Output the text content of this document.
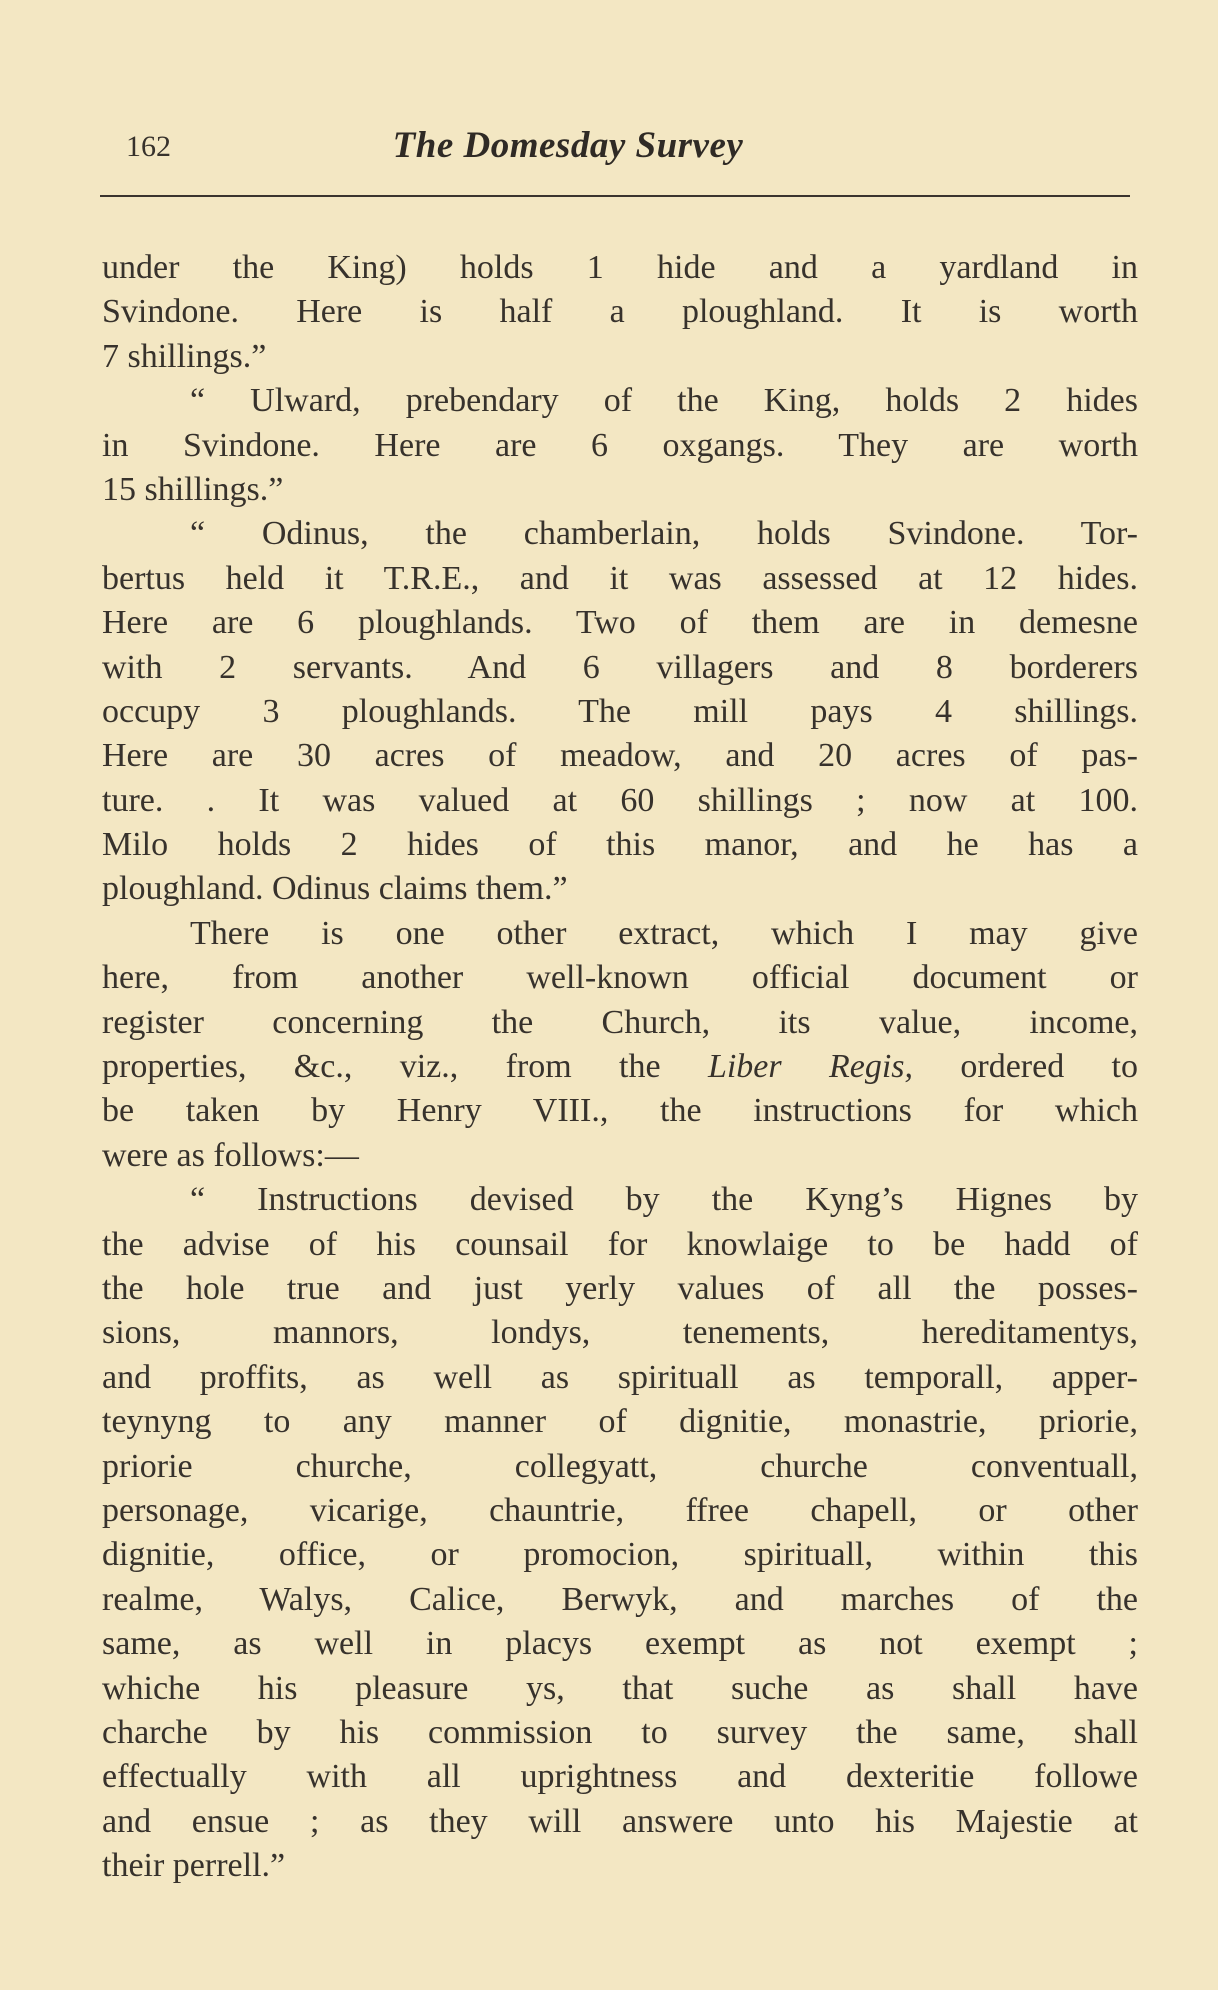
162	The Domesday Survey
under the King) holds 1 hide and a yardland in
Svindone. Here is half a ploughland. It is worth
7 shillings.”
“ Ulward, prebendary of the King, holds 2 hides
in Svindone. Here are 6 oxgangs. They are worth
15 shillings.”
“ Odinus, the chamberlain, holds Svindone. Tor-
bertus held it T.R.E., and it was assessed at 12 hides.
Here are 6 ploughlands. Two of them are in demesne
with 2 servants. And 6 villagers and 8 borderers
occupy 3 ploughlands. The mill pays 4 shillings.
Here are 30 acres of meadow, and 20 acres of pas-
ture. . It was valued at 60 shillings ; now at 100.
Milo holds 2 hides of this manor, and he has a
ploughland. Odinus claims them.”
There is one other extract, which I may give
here, from another well-known official document or
register concerning the Church, its value, income,
properties, &c., viz., from the Liber Regis, ordered to
be taken by Henry VIII., the instructions for which
were as follows:—
“ Instructions devised by the Kyng’s Hignes by
the advise of his counsail for knowlaige to be hadd of
the hole true and just yerly values of all the posses-
sions, mannors, londys, tenements, hereditamentys,
and proffits, as well as spirituall as temporall, apper-
teynyng to any manner of dignitie, monastrie, priorie,
priorie churche, collegyatt, churche conventuall,
personage, vicarige, chauntrie, ffree chapell, or other
dignitie, office, or promocion, spirituall, within this
realme, Walys, Calice, Berwyk, and marches of the
same, as well in placys exempt as not exempt ;
whiche his pleasure ys, that suche as shall have
charche by his commission to survey the same, shall
effectually with all uprightness and dexteritie followe
and ensue ; as they will answere unto his Majestie at
their perrell.”
